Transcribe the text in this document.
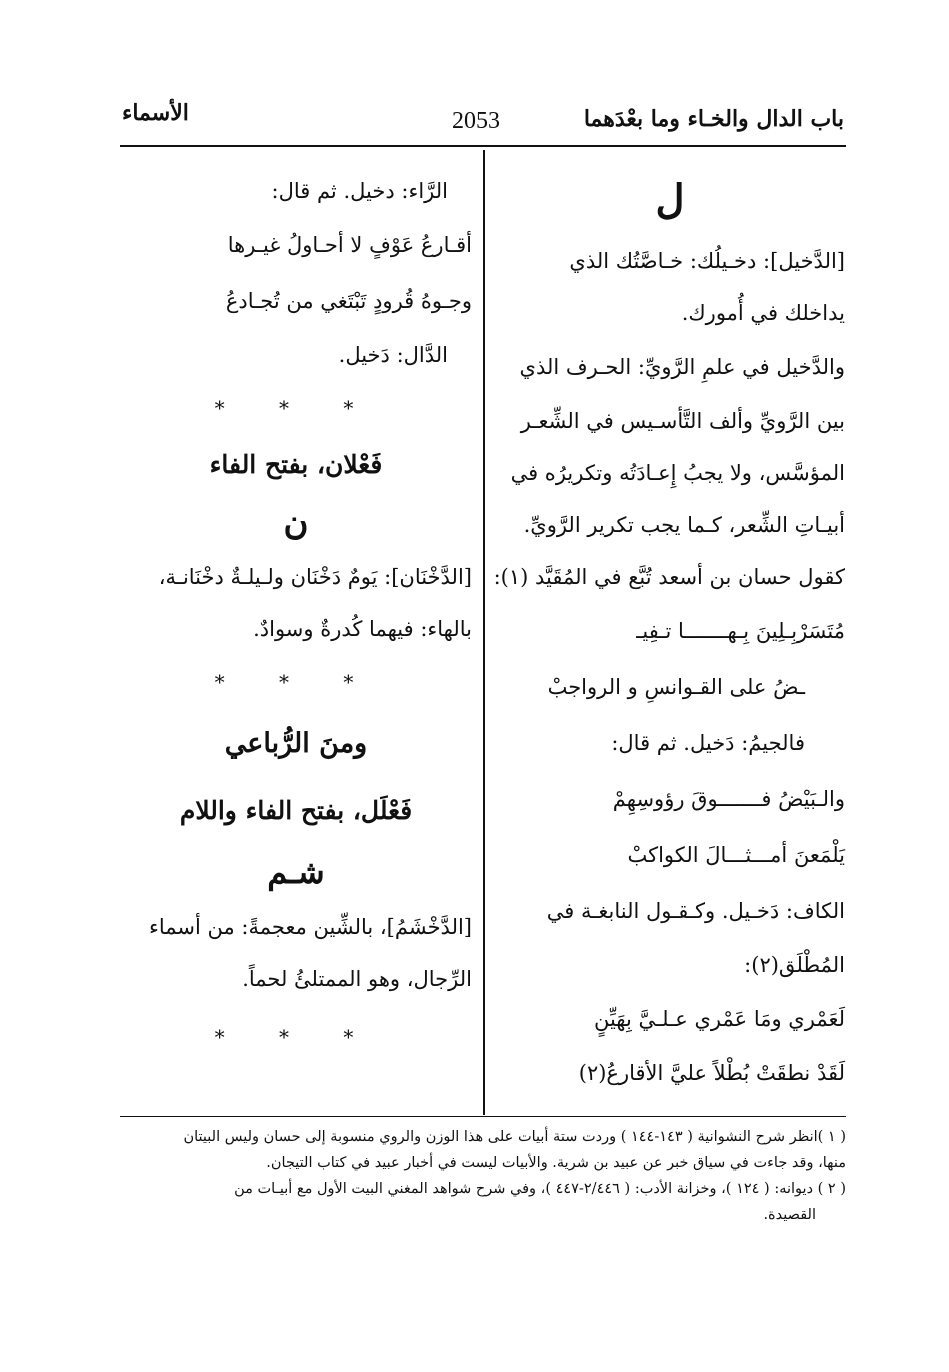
باب الدال والخـاء وما بعْدَهما
2053
الأسماء
ل
[الدَّخيل]: دخـيلُك: خـاصَّتُك الذي
يداخلك في أُمورك.
والدَّخيل في علمِ الرَّويِّ: الحـرف الذي
بين الرَّويِّ وألف التَّأسـيس في الشِّعـر
المؤسَّس، ولا يجبُ إِعـادَتُه وتكريرُه في
أبيـاتِ الشِّعر، كـما يجب تكرير الرَّويِّ.
كقول حسان بن أسعد تُبَّع في المُقَيَّد (١):
مُتَسَرْبِـلِينَ بِـهـــــــا تـفِيـ
ـضُ على القـوانسِ و الرواجبْ
فالجيمُ: دَخيل. ثم قال:
والـبَيْضُ فـــــــوقَ رؤوسِهِمْ
يَلْمَعنَ أمـــثـــالَ الكواكبْ
الكاف: دَخـيل. وكـقـول النابغـة في
المُطْلَق(٢):
لَعَمْري ومَا عَمْري عـلـيَّ بِهَيِّنٍ
لَقَدْ نطقَتْ بُطْلاً عليَّ الأقارعُ(٢)
الرَّاء: دخيل. ثم قال:
أقـارعُ عَوْفٍ لا أحـاولُ غيـرها
وجـوهُ قُرودٍ تَبْتَغي من تُجـادعُ
الدَّال: دَخيل.
* * *
فَعْلان، بفتح الفاء
ن
[الدَّخْنَان]: يَومٌ دَخْنَان ولـيلـةٌ دخْنَانـة،
بالهاء: فيهما كُدرةٌ وسوادٌ.
* * *
ومنَ الرُّباعي
فَعْلَل، بفتح الفاء واللام
شـم
[الدَّخْشَمُ]، بالشِّين معجمةً: من أسماء
الرِّجال، وهو الممتلئُ لحماً.
* * *
( ١ )انظر شرح النشوانية ( ١٤٣-١٤٤ ) وردت ستة أبيات على هذا الوزن والروي منسوبة إلى حسان وليس البيتان
منها، وقد جاءت في سياق خبر عن عبيد بن شرية. والأبيات ليست في أخبار عبيد في كتاب التيجان.
( ٢ ) ديوانه: ( ١٢٤ )، وخزانة الأدب: ( ٢/٤٤٦-٤٤٧ )، وفي شرح شواهد المغني البيت الأول مع أبيـات من
القصيدة.
